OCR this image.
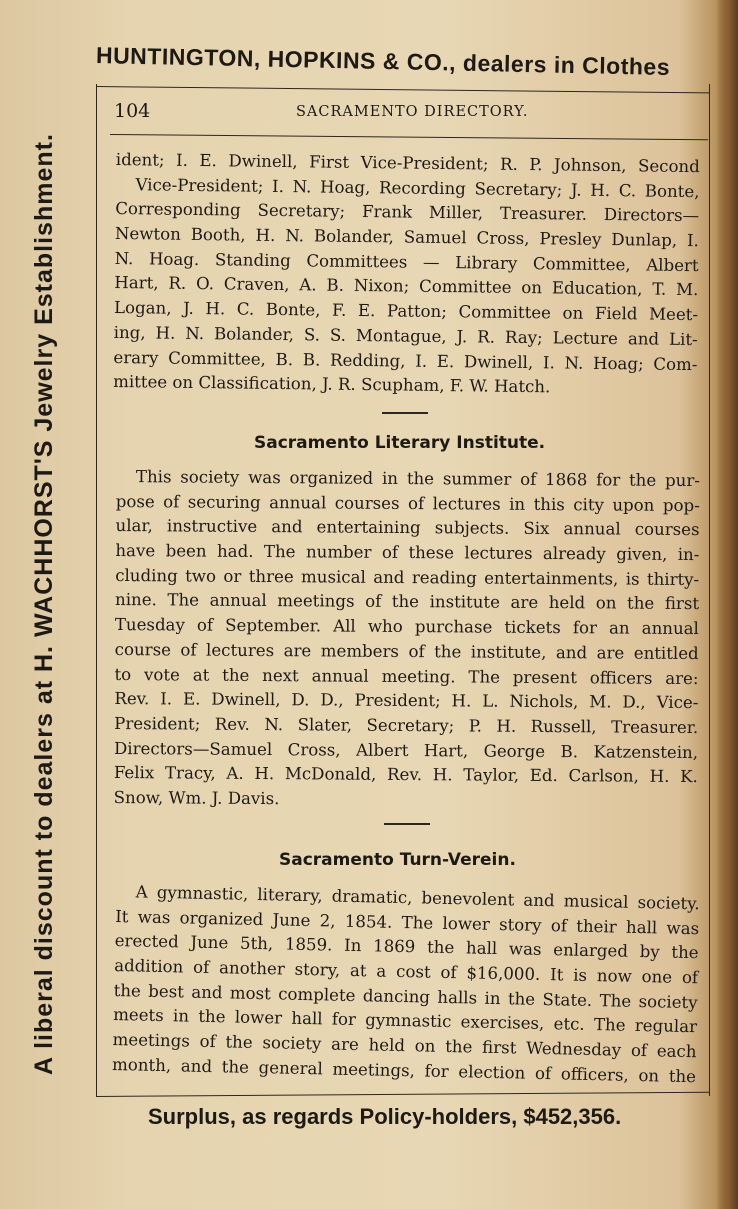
HUNTINGTON, HOPKINS & CO., dealers in Clothes
A liberal discount to dealers at H. WACHHORST'S Jewelry Establishment.
104	SACRAMENTO DIRECTORY.
ident; I. E. Dwinell, First Vice-President; R. P. Johnson, Second
Vice-President; I. N. Hoag, Recording Secretary; J. H. C. Bonte,
Corresponding Secretary; Frank Miller, Treasurer. Directors—
Newton Booth, H. N. Bolander, Samuel Cross, Presley Dunlap, I.
N. Hoag. Standing Committees — Library Committee, Albert
Hart, R. O. Craven, A. B. Nixon; Committee on Education, T. M.
Logan, J. H. C. Bonte, F. E. Patton; Committee on Field Meet-
ing, H. N. Bolander, S. S. Montague, J. R. Ray; Lecture and Lit-
erary Committee, B. B. Redding, I. E. Dwinell, I. N. Hoag; Com-
mittee on Classification, J. R. Scupham, F. W. Hatch.
Sacramento Literary Institute.
This society was organized in the summer of 1868 for the pur-
pose of securing annual courses of lectures in this city upon pop-
ular, instructive and entertaining subjects. Six annual courses
have been had. The number of these lectures already given, in-
cluding two or three musical and reading entertainments, is thirty-
nine. The annual meetings of the institute are held on the first
Tuesday of September. All who purchase tickets for an annual
course of lectures are members of the institute, and are entitled
to vote at the next annual meeting. The present officers are:
Rev. I. E. Dwinell, D. D., President; H. L. Nichols, M. D., Vice-
President; Rev. N. Slater, Secretary; P. H. Russell, Treasurer.
Directors—Samuel Cross, Albert Hart, George B. Katzenstein,
Felix Tracy, A. H. McDonald, Rev. H. Taylor, Ed. Carlson, H. K.
Snow, Wm. J. Davis.
Sacramento Turn-Verein.
A gymnastic, literary, dramatic, benevolent and musical society.
It was organized June 2, 1854. The lower story of their hall was
erected June 5th, 1859. In 1869 the hall was enlarged by the
addition of another story, at a cost of $16,000. It is now one of
the best and most complete dancing halls in the State. The society
meets in the lower hall for gymnastic exercises, etc. The regular
meetings of the society are held on the first Wednesday of each
month, and the general meetings, for election of officers, on the
Surplus, as regards Policy-holders, $452,356.
